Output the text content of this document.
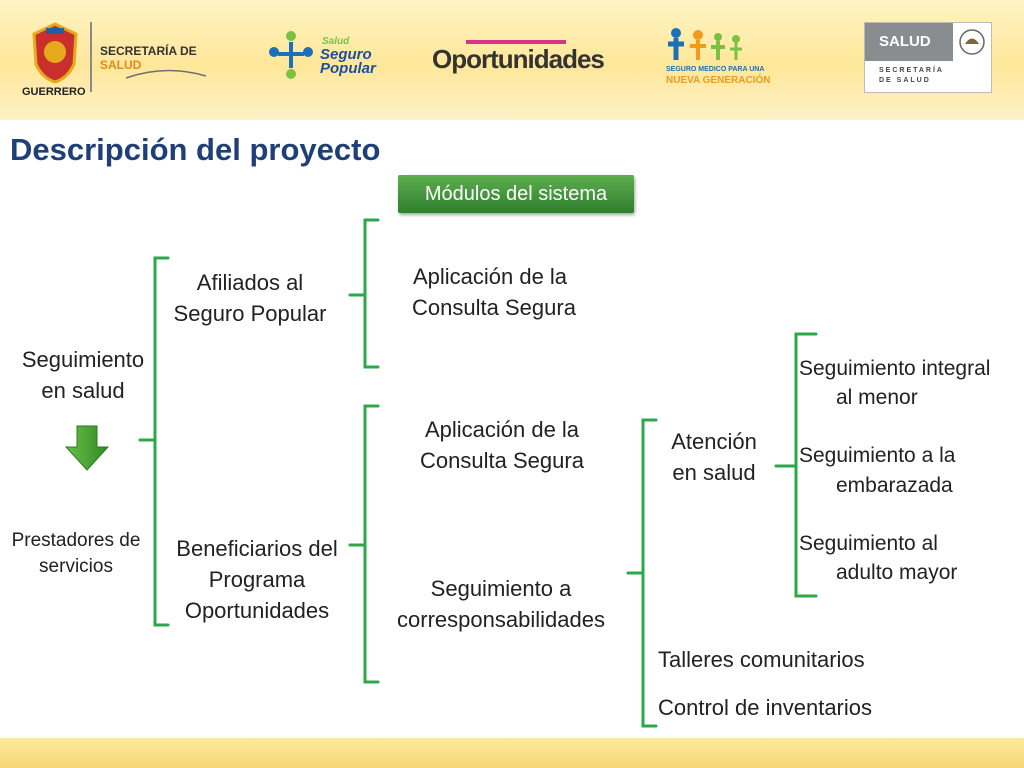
GUERRERO
SECRETARÍA DE
SALUD
Salud
Seguro
Popular Oportunidades	SEGURO MEDICO PARA UNA
NUEVA GENERACIÓN
SALUD
SECRETARÍA
DE SALUD
Descripción del proyecto
Módulos del sistema
Seguimiento
en salud
Prestadores de
servicios
Afiliados al
Seguro Popular
Beneficiarios del
Programa
Oportunidades
Aplicación de la
Consulta Segura
Aplicación de la
Consulta Segura
Seguimiento a
corresponsabilidades
Atención
en salud
Talleres comunitarios
Control de inventarios
Seguimiento integral
al menor
Seguimiento a la
embarazada
Seguimiento al
adulto mayor
